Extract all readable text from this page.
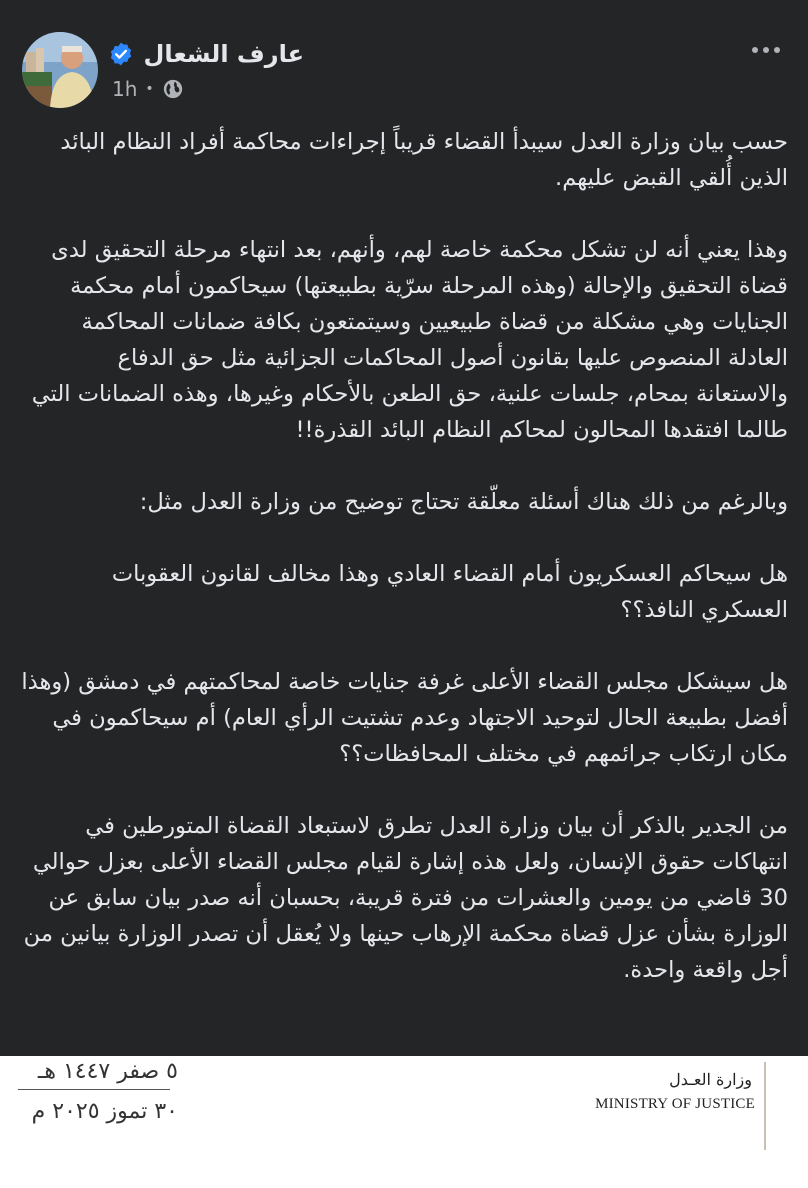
عارف الشعال
1h •

حسب بيان وزارة العدل سيبدأ القضاء قريباً إجراءات محاكمة أفراد النظام البائد الذين أُلقي القبض عليهم.

وهذا يعني أنه لن تشكل محكمة خاصة لهم، وأنهم، بعد انتهاء مرحلة التحقيق لدى قضاة التحقيق والإحالة (وهذه المرحلة سرّية بطبيعتها) سيحاكمون أمام محكمة الجنايات وهي مشكلة من قضاة طبيعيين وسيتمتعون بكافة ضمانات المحاكمة العادلة المنصوص عليها بقانون أصول المحاكمات الجزائية مثل حق الدفاع والاستعانة بمحام، جلسات علنية، حق الطعن بالأحكام وغيرها، وهذه الضمانات التي طالما افتقدها المحالون لمحاكم النظام البائد القذرة!!

وبالرغم من ذلك هناك أسئلة معلّقة تحتاج توضيح من وزارة العدل مثل:

هل سيحاكم العسكريون أمام القضاء العادي وهذا مخالف لقانون العقوبات العسكري النافذ؟؟

هل سيشكل مجلس القضاء الأعلى غرفة جنايات خاصة لمحاكمتهم في دمشق (وهذا أفضل بطبيعة الحال لتوحيد الاجتهاد وعدم تشتيت الرأي العام) أم سيحاكمون في مكان ارتكاب جرائمهم في مختلف المحافظات؟؟

من الجدير بالذكر أن بيان وزارة العدل تطرق لاستبعاد القضاة المتورطين في انتهاكات حقوق الإنسان، ولعل هذه إشارة لقيام مجلس القضاء الأعلى بعزل حوالي 30 قاضي من يومين والعشرات من فترة قريبة، بحسبان أنه صدر بيان سابق عن الوزارة بشأن عزل قضاة محكمة الإرهاب حينها ولا يُعقل أن تصدر الوزارة بيانين من أجل واقعة واحدة.

٥ صفر ١٤٤٧ هـ
٣٠ تموز ٢٠٢٥ م
وزارة العـدل
MINISTRY OF JUSTICE
